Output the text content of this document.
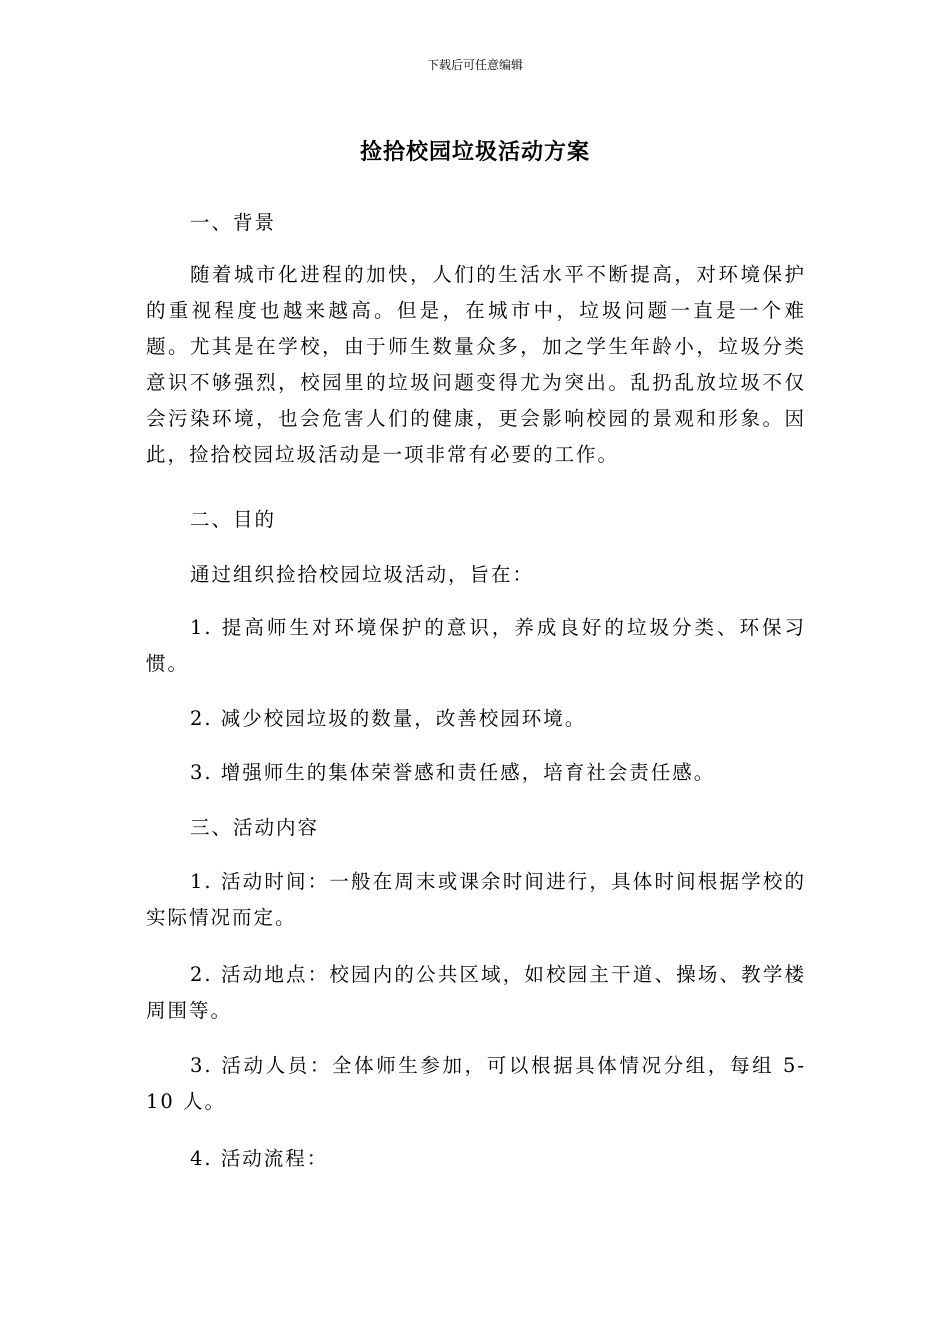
下载后可任意编辑
捡拾校园垃圾活动方案

一、背景

随着城市化进程的加快，人们的生活水平不断提高，对环境保护的重视程度也越来越高。但是，在城市中，垃圾问题一直是一个难题。尤其是在学校，由于师生数量众多，加之学生年龄小，垃圾分类意识不够强烈，校园里的垃圾问题变得尤为突出。乱扔乱放垃圾不仅会污染环境，也会危害人们的健康，更会影响校园的景观和形象。因此，捡拾校园垃圾活动是一项非常有必要的工作。

二、目的

通过组织捡拾校园垃圾活动，旨在：

1. 提高师生对环境保护的意识，养成良好的垃圾分类、环保习惯。

2. 减少校园垃圾的数量，改善校园环境。

3. 增强师生的集体荣誉感和责任感，培育社会责任感。

三、活动内容

1. 活动时间：一般在周末或课余时间进行，具体时间根据学校的实际情况而定。

2. 活动地点：校园内的公共区域，如校园主干道、操场、教学楼周围等。

3. 活动人员：全体师生参加，可以根据具体情况分组，每组 5-10 人。

4. 活动流程：
